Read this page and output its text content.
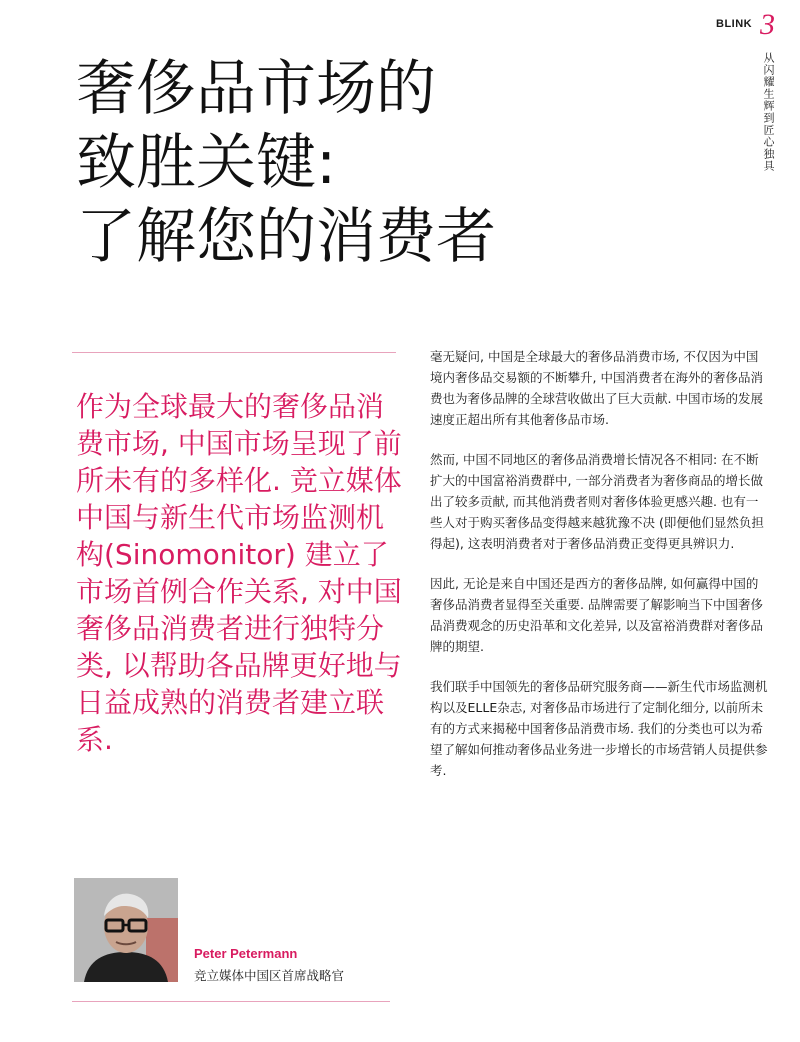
BLINK 3
从闪耀生辉到匠心独具
奢侈品市场的
致胜关键:
了解您的消费者

作为全球最大的奢侈品消费市场, 中国市场呈现了前所未有的多样化. 竞立媒体中国与新生代市场监测机构(Sinomonitor) 建立了市场首例合作关系, 对中国奢侈品消费者进行独特分类, 以帮助各品牌更好地与日益成熟的消费者建立联系.

毫无疑问, 中国是全球最大的奢侈品消费市场, 不仅因为中国境内奢侈品交易额的不断攀升, 中国消费者在海外的奢侈品消费也为奢侈品牌的全球营收做出了巨大贡献. 中国市场的发展速度正超出所有其他奢侈品市场.

然而, 中国不同地区的奢侈品消费增长情况各不相同: 在不断扩大的中国富裕消费群中, 一部分消费者为奢侈商品的增长做出了较多贡献, 而其他消费者则对奢侈体验更感兴趣. 也有一些人对于购买奢侈品变得越来越犹豫不决 (即便他们显然负担得起), 这表明消费者对于奢侈品消费正变得更具辨识力.

因此, 无论是来自中国还是西方的奢侈品牌, 如何赢得中国的奢侈品消费者显得至关重要. 品牌需要了解影响当下中国奢侈品消费观念的历史沿革和文化差异, 以及富裕消费群对奢侈品牌的期望.

我们联手中国领先的奢侈品研究服务商——新生代市场监测机构以及ELLE杂志, 对奢侈品市场进行了定制化细分, 以前所未有的方式来揭秘中国奢侈品消费市场. 我们的分类也可以为希望了解如何推动奢侈品业务进一步增长的市场营销人员提供参考.

Peter Petermann
竞立媒体中国区首席战略官
